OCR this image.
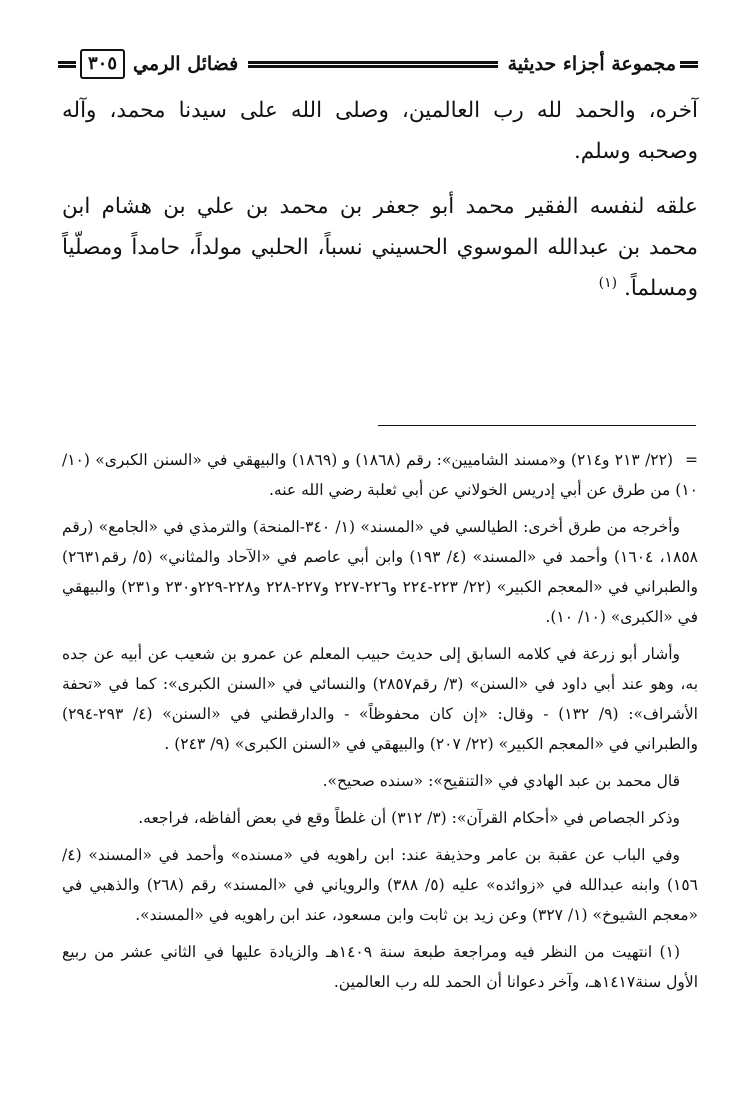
مجموعة أجزاء حديثية
فضائل الرمي
٣٠٥

آخره، والحمد لله رب العالمين، وصلى الله على سيدنا محمد، وآله وصحبه وسلم.

علقه لنفسه الفقير محمد أبو جعفر بن محمد بن علي بن هشام ابن محمد بن عبدالله الموسوي الحسيني نسباً، الحلبي مولداً، حامداً ومصلّياً ومسلماً. $^{(١)}$

=(٢٢/ ٢١٣ و٢١٤) و«مسند الشاميين»: رقم (١٨٦٨) و (١٨٦٩) والبيهقي في «السنن الكبرى» (١٠/ ١٠) من طرق عن أبي إدريس الخولاني عن أبي ثعلبة رضي الله عنه.

وأخرجه من طرق أخرى: الطيالسي في «المسند» (١/ ٣٤٠-المنحة) والترمذي في «الجامع» (رقم ١٨٥٨، ١٦٠٤) وأحمد في «المسند» (٤/ ١٩٣) وابن أبي عاصم في «الآحاد والمثاني» (٥/ رقم٢٦٣١) والطبراني في «المعجم الكبير» (٢٢/ ٢٢٣-٢٢٤ و٢٢٦-٢٢٧ و٢٢٧-٢٢٨ و٢٢٨-٢٢٩و٢٣٠ و٢٣١) والبيهقي في «الكبرى» (١٠/ ١٠).

وأشار أبو زرعة في كلامه السابق إلى حديث حبيب المعلم عن عمرو بن شعيب عن أبيه عن جده به، وهو عند أبي داود في «السنن» (٣/ رقم٢٨٥٧) والنسائي في «السنن الكبرى»: كما في «تحفة الأشراف»: (٩/ ١٣٢) - وقال: «إن كان محفوظاً» - والدارقطني في «السنن» (٤/ ٢٩٣-٢٩٤) والطبراني في «المعجم الكبير» (٢٢/ ٢٠٧) والبيهقي في «السنن الكبرى» (٩/ ٢٤٣) .

قال محمد بن عبد الهادي في «التنقيح»: «سنده صحيح».

وذكر الجصاص في «أحكام القرآن»: (٣/ ٣١٢) أن غلطاً وقع في بعض ألفاظه، فراجعه.

وفي الباب عن عقبة بن عامر وحذيفة عند: ابن راهويه في «مسنده» وأحمد في «المسند» (٤/ ١٥٦) وابنه عبدالله في «زوائده» عليه (٥/ ٣٨٨) والروياني في «المسند» رقم (٢٦٨) والذهبي في «معجم الشيوخ» (١/ ٣٢٧) وعن زيد بن ثابت وابن مسعود، عند ابن راهويه في «المسند».

(١) انتهيت من النظر فيه ومراجعة طبعة سنة ١٤٠٩هـ والزيادة عليها في الثاني عشر من ربيع الأول سنة١٤١٧هـ، وآخر دعوانا أن الحمد لله رب العالمين.
